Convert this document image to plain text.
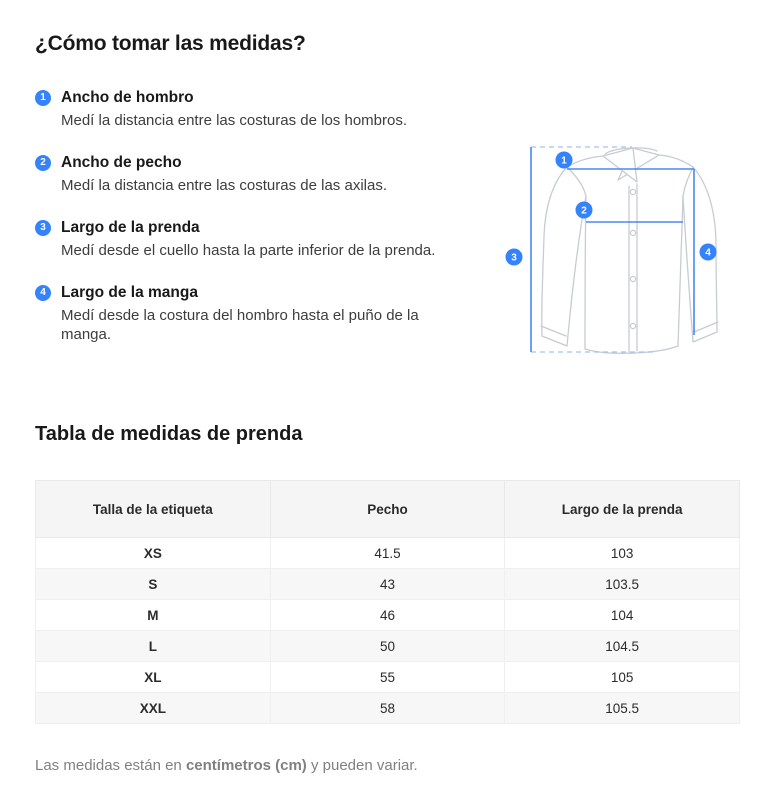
¿Cómo tomar las medidas?
1 Ancho de hombro
Medí la distancia entre las costuras de los hombros.
2 Ancho de pecho
Medí la distancia entre las costuras de las axilas.
3 Largo de la prenda
Medí desde el cuello hasta la parte inferior de la prenda.
4 Largo de la manga
Medí desde la costura del hombro hasta el puño de la manga.
1
2
3	4
Tabla de medidas de prenda
Talla de la etiqueta	Pecho	Largo de la prenda
XS	41.5	103
S	43	103.5
M	46	104
L	50	104.5
XL	55	105
XXL	58	105.5

Las medidas están en centímetros (cm) y pueden variar.
